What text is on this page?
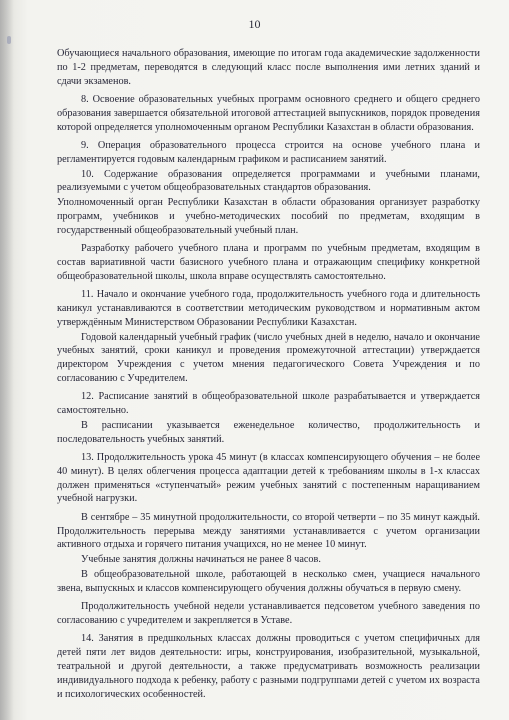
10

Обучающиеся начального образования, имеющие по итогам года академические задолженности по 1-2 предметам, переводятся в следующий класс после выполнения ими летних зданий и сдачи экзаменов.

8. Освоение образовательных учебных программ основного среднего и общего среднего образования завершается обязательной итоговой аттестацией выпускников, порядок проведения которой определяется уполномоченным органом Республики Казахстан в области образования.

9. Операция образовательного процесса строится на основе учебного плана и регламентируется годовым календарным графиком и расписанием занятий.

10. Содержание образования определяется программами и учебными планами, реализуемыми с учетом общеобразовательных стандартов образования.

Уполномоченный орган Республики Казахстан в области образования организует разработку программ, учебников и учебно-методических пособий по предметам, входящим в государственный общеобразовательный учебный план.

Разработку рабочего учебного плана и программ по учебным предметам, входящим в состав вариативной части базисного учебного плана и отражающим специфику конкретной общеобразовательной школы, школа вправе осуществлять самостоятельно.

11. Начало и окончание учебного года, продолжительность учебного года и длительность каникул устанавливаются в соответствии методическим руководством и нормативным актом утверждённым Министерством Образовании Республики Казахстан.

Годовой календарный учебный график (число учебных дней в неделю, начало и окончание учебных занятий, сроки каникул и проведения промежуточной аттестации) утверждается директором Учреждения с учетом мнения педагогического Совета Учреждения и по согласованию с Учредителем.

12. Расписание занятий в общеобразовательной школе разрабатывается и утверждается самостоятельно.

В расписании указывается еженедельное количество, продолжительность и последовательность учебных занятий.

13. Продолжительность урока 45 минут (в классах компенсирующего обучения – не более 40 минут). В целях облегчения процесса адаптации детей к требованиям школы в 1-х классах должен применяться «ступенчатый» режим учебных занятий с постепенным наращиванием учебной нагрузки.

В сентябре – 35 минутной продолжительности, со второй четверти – по 35 минут каждый. Продолжительность перерыва между занятиями устанавливается с учетом организации активного отдыха и горячего питания учащихся, но не менее 10 минут.

Учебные занятия должны начинаться не ранее 8 часов.

В общеобразовательной школе, работающей в несколько смен, учащиеся начального звена, выпускных и классов компенсирующего обучения должны обучаться в первую смену.

Продолжительность учебной недели устанавливается педсоветом учебного заведения по согласованию с учредителем и закрепляется в Уставе.

14. Занятия в предшкольных классах должны проводиться с учетом специфичных для детей пяти лет видов деятельности: игры, конструирования, изобразительной, музыкальной, театральной и другой деятельности, а также предусматривать возможность реализации индивидуального подхода к ребенку, работу с разными подгруппами детей с учетом их возраста и психологических особенностей.
